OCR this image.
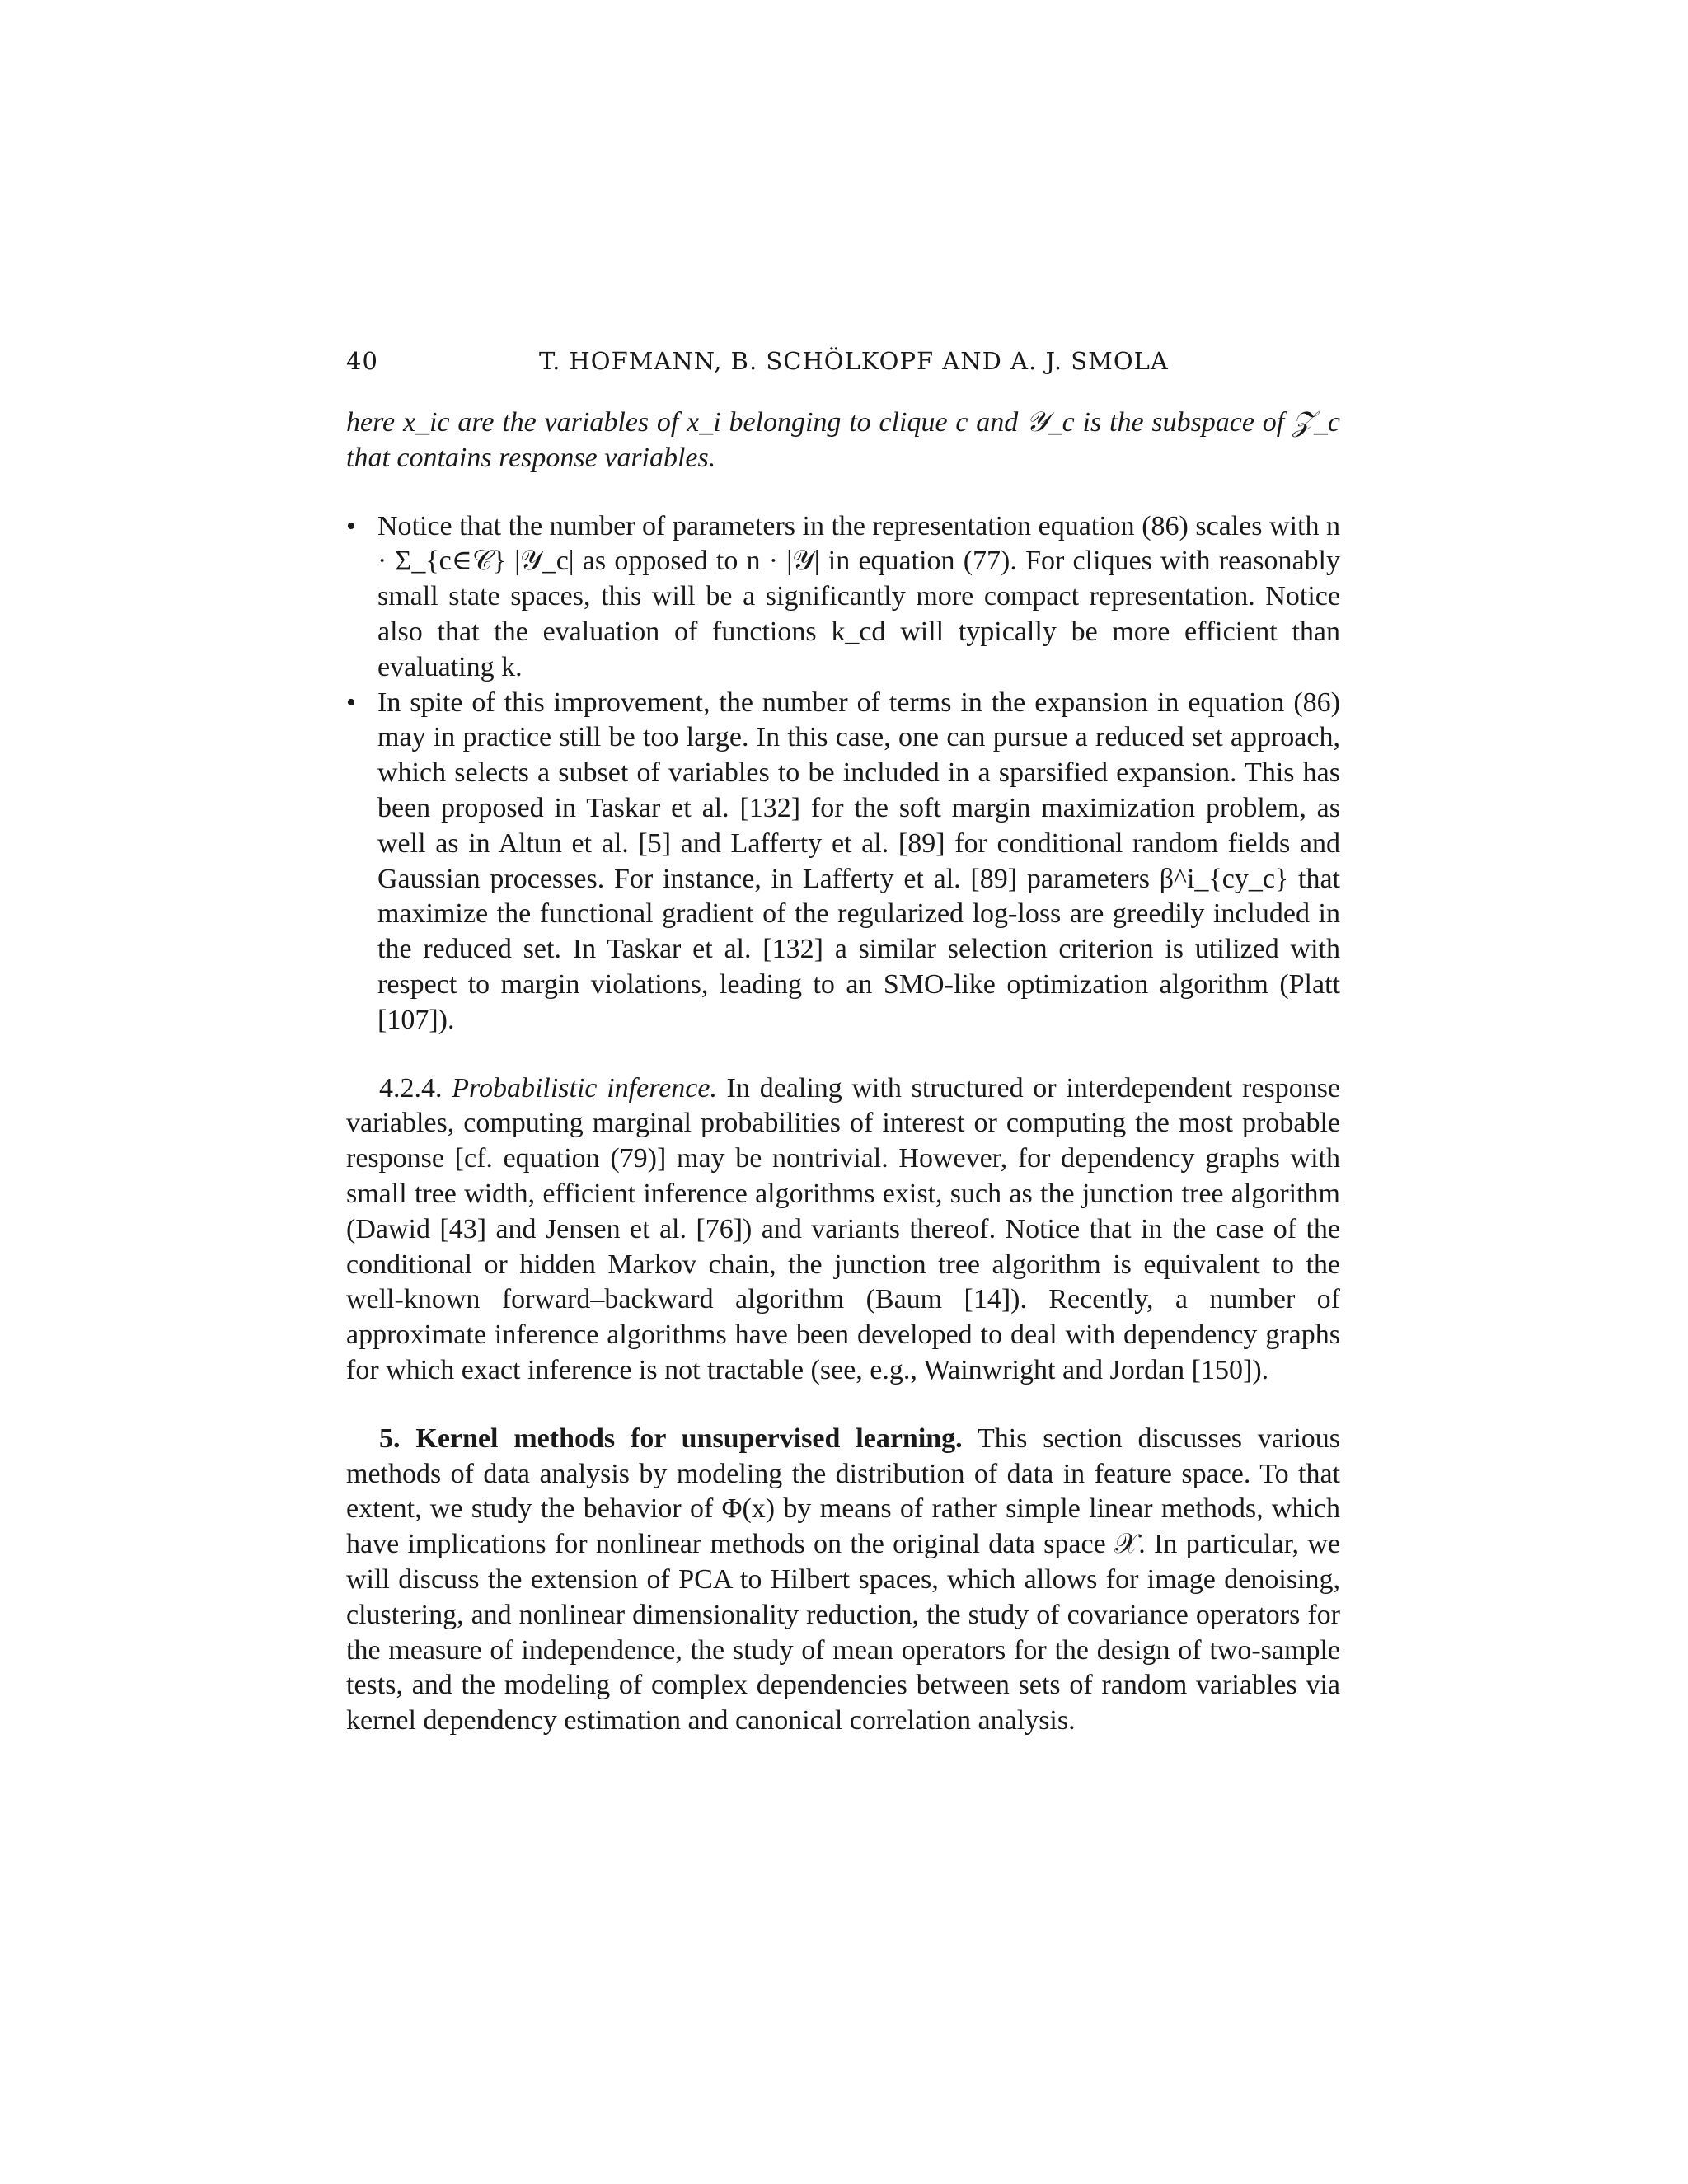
40	T. HOFMANN, B. SCHÖLKOPF AND A. J. SMOLA

here x_ic are the variables of x_i belonging to clique c and 𝒴_c is the subspace of 𝒵_c that contains response variables.

• Notice that the number of parameters in the representation equation (86) scales with n · Σ_{c∈𝒞} |𝒴_c| as opposed to n · |𝒴| in equation (77). For cliques with reasonably small state spaces, this will be a significantly more compact representation. Notice also that the evaluation of functions k_cd will typically be more efficient than evaluating k.
• In spite of this improvement, the number of terms in the expansion in equation (86) may in practice still be too large. In this case, one can pursue a reduced set approach, which selects a subset of variables to be included in a sparsified expansion. This has been proposed in Taskar et al. [132] for the soft margin maximization problem, as well as in Altun et al. [5] and Lafferty et al. [89] for conditional random fields and Gaussian processes. For instance, in Lafferty et al. [89] parameters β^i_{cy_c} that maximize the functional gradient of the regularized log-loss are greedily included in the reduced set. In Taskar et al. [132] a similar selection criterion is utilized with respect to margin violations, leading to an SMO-like optimization algorithm (Platt [107]).

4.2.4. Probabilistic inference. In dealing with structured or interdependent response variables, computing marginal probabilities of interest or computing the most probable response [cf. equation (79)] may be nontrivial. However, for dependency graphs with small tree width, efficient inference algorithms exist, such as the junction tree algorithm (Dawid [43] and Jensen et al. [76]) and variants thereof. Notice that in the case of the conditional or hidden Markov chain, the junction tree algorithm is equivalent to the well-known forward–backward algorithm (Baum [14]). Recently, a number of approximate inference algorithms have been developed to deal with dependency graphs for which exact inference is not tractable (see, e.g., Wainwright and Jordan [150]).

5. Kernel methods for unsupervised learning. This section discusses various methods of data analysis by modeling the distribution of data in feature space. To that extent, we study the behavior of Φ(x) by means of rather simple linear methods, which have implications for nonlinear methods on the original data space 𝒳. In particular, we will discuss the extension of PCA to Hilbert spaces, which allows for image denoising, clustering, and nonlinear dimensionality reduction, the study of covariance operators for the measure of independence, the study of mean operators for the design of two-sample tests, and the modeling of complex dependencies between sets of random variables via kernel dependency estimation and canonical correlation analysis.
